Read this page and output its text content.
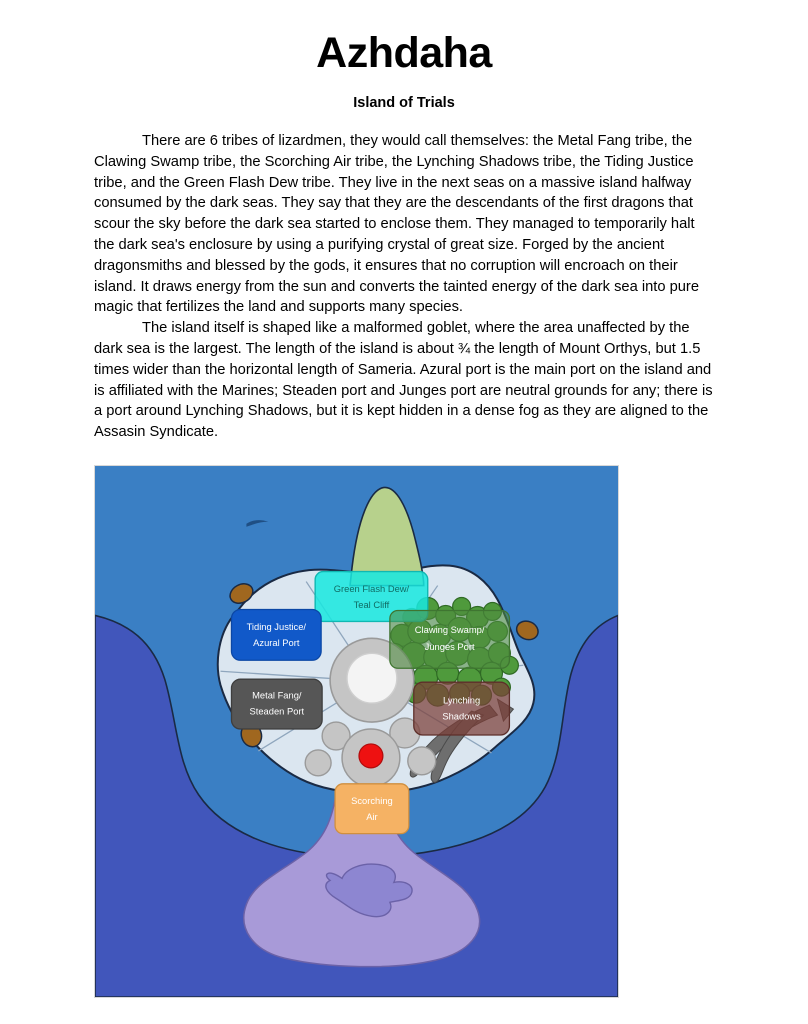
Azhdaha
Island of Trials

There are 6 tribes of lizardmen, they would call themselves: the Metal Fang tribe, the Clawing Swamp tribe, the Scorching Air tribe, the Lynching Shadows tribe, the Tiding Justice tribe, and the Green Flash Dew tribe. They live in the next seas on a massive island halfway consumed by the dark seas. They say that they are the descendants of the first dragons that scour the sky before the dark sea started to enclose them. They managed to temporarily halt the dark sea's enclosure by using a purifying crystal of great size. Forged by the ancient dragonsmiths and blessed by the gods, it ensures that no corruption will encroach on their island. It draws energy from the sun and converts the tainted energy of the dark sea into pure magic that fertilizes the land and supports many species.

The island itself is shaped like a malformed goblet, where the area unaffected by the dark sea is the largest. The length of the island is about ¾ the length of Mount Orthys, but 1.5 times wider than the horizontal length of Sameria. Azural port is the main port on the island and is affiliated with the Marines; Steaden port and Junges port are neutral grounds for any; there is a port around Lynching Shadows, but it is kept hidden in a dense fog as they are aligned to the Assasin Syndicate.

Green Flash Dew/
Teal Cliff
Clawing Swamp/
Junges Port
Tiding Justice/
Azural Port
Metal Fang/
Steaden Port
Lynching
Shadows
Scorching
Air
